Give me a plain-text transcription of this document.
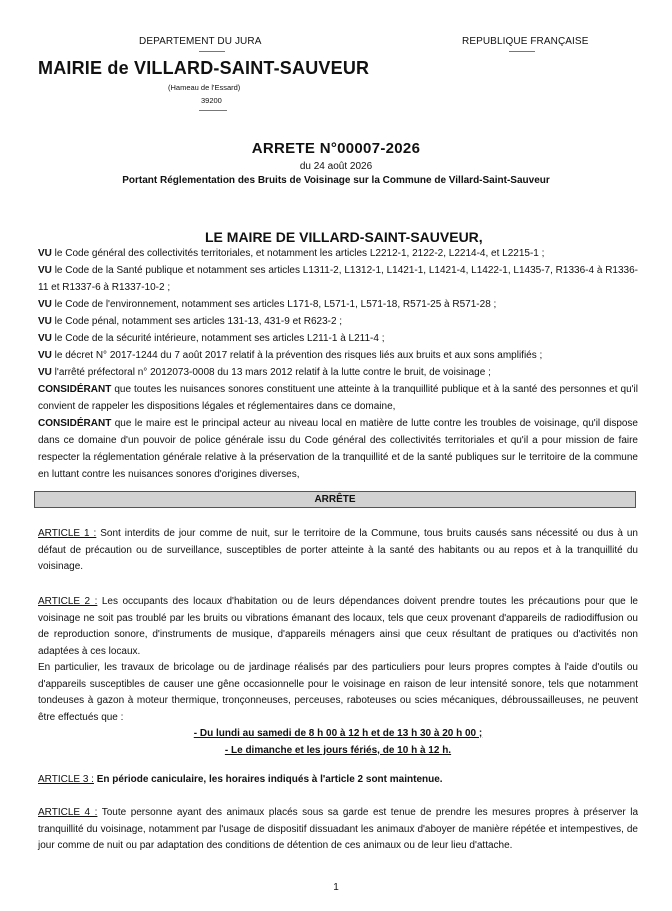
DEPARTEMENT DU JURA	REPUBLIQUE FRANÇAISE
MAIRIE de VILLARD-SAINT-SAUVEUR
(Hameau de l'Essard)
39200
ARRETE N°00007-2026
du 24 août 2026
Portant Réglementation des Bruits de Voisinage sur la Commune de Villard-Saint-Sauveur
LE MAIRE DE VILLARD-SAINT-SAUVEUR,

VU le Code général des collectivités territoriales, et notamment les articles L2212-1, 2122-2, L2214-4, et L2215-1 ;

VU le Code de la Santé publique et notamment ses articles L1311-2, L1312-1, L1421-1, L1421-4, L1422-1, L1435-7, R1336-4 à R1336-11 et R1337-6 à R1337-10-2 ;

VU le Code de l'environnement, notamment ses articles L171-8, L571-1, L571-18, R571-25 à R571-28 ;

VU le Code pénal, notamment ses articles 131-13, 431-9 et R623-2 ;

VU le Code de la sécurité intérieure, notamment ses articles L211-1 à L211-4 ;

VU le décret N° 2017-1244 du 7 août 2017 relatif à la prévention des risques liés aux bruits et aux sons amplifiés ;

VU l'arrêté préfectoral n° 2012073-0008 du 13 mars 2012 relatif à la lutte contre le bruit, de voisinage ;

CONSIDÉRANT que toutes les nuisances sonores constituent une atteinte à la tranquillité publique et à la santé des personnes et qu'il convient de rappeler les dispositions légales et réglementaires dans ce domaine,

CONSIDÉRANT que le maire est le principal acteur au niveau local en matière de lutte contre les troubles de voisinage, qu'il dispose dans ce domaine d'un pouvoir de police générale issu du Code général des collectivités territoriales et qu'il a pour mission de faire respecter la réglementation générale relative à la préservation de la tranquillité et de la santé publiques sur le territoire de la commune en luttant contre les nuisances sonores d'origines diverses,

ARRÊTE

ARTICLE 1 : Sont interdits de jour comme de nuit, sur le territoire de la Commune, tous bruits causés sans nécessité ou dus à un défaut de précaution ou de surveillance, susceptibles de porter atteinte à la santé des habitants ou au repos et à la tranquillité du voisinage.

ARTICLE 2 : Les occupants des locaux d'habitation ou de leurs dépendances doivent prendre toutes les précautions pour que le voisinage ne soit pas troublé par les bruits ou vibrations émanant des locaux, tels que ceux provenant d'appareils de radiodiffusion ou de reproduction sonore, d'instruments de musique, d'appareils ménagers ainsi que ceux résultant de pratiques ou d'activités non adaptées à ces locaux.

En particulier, les travaux de bricolage ou de jardinage réalisés par des particuliers pour leurs propres comptes à l'aide d'outils ou d'appareils susceptibles de causer une gêne occasionnelle pour le voisinage en raison de leur intensité sonore, tels que notamment tondeuses à gazon à moteur thermique, tronçonneuses, perceuses, raboteuses ou scies mécaniques, débroussailleuses, ne peuvent être effectués que :

- Du lundi au samedi de 8 h 00 à 12 h et de 13 h 30 à 20 h 00 ;

- Le dimanche et les jours fériés, de 10 h à 12 h.

ARTICLE 3 : En période caniculaire, les horaires indiqués à l'article 2 sont maintenue.

ARTICLE 4 : Toute personne ayant des animaux placés sous sa garde est tenue de prendre les mesures propres à préserver la tranquillité du voisinage, notamment par l'usage de dispositif dissuadant les animaux d'aboyer de manière répétée et intempestives, de jour comme de nuit ou par adaptation des conditions de détention de ces animaux ou de leur lieu d'attache.

1
